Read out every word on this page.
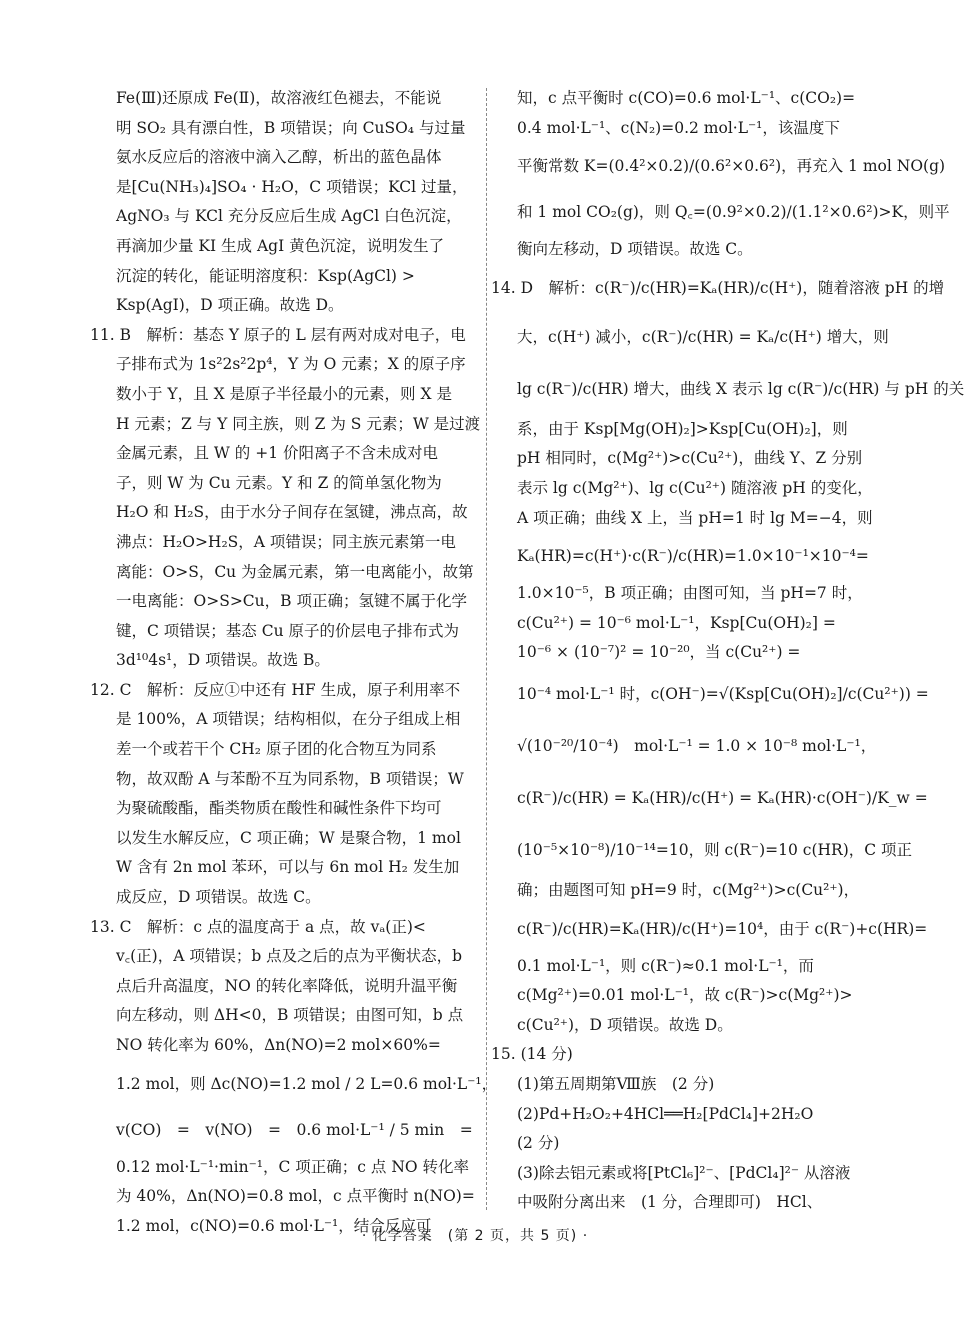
Fe(Ⅲ)还原成 Fe(Ⅱ)，故溶液红色褪去，不能说
明 SO₂ 具有漂白性，B 项错误；向 CuSO₄ 与过量
氨水反应后的溶液中滴入乙醇，析出的蓝色晶体
是[Cu(NH₃)₄]SO₄ · H₂O，C 项错误；KCl 过量，
AgNO₃ 与 KCl 充分反应后生成 AgCl 白色沉淀，
再滴加少量 KI 生成 AgI 黄色沉淀，说明发生了
沉淀的转化，能证明溶度积：Ksp(AgCl) >
Ksp(AgI)，D 项正确。故选 D。
11. B　解析：基态 Y 原子的 L 层有两对成对电子，电
子排布式为 1s²2s²2p⁴，Y 为 O 元素；X 的原子序
数小于 Y，且 X 是原子半径最小的元素，则 X 是
H 元素；Z 与 Y 同主族，则 Z 为 S 元素；W 是过渡
金属元素，且 W 的 +1 价阳离子不含未成对电
子，则 W 为 Cu 元素。Y 和 Z 的简单氢化物为
H₂O 和 H₂S，由于水分子间存在氢键，沸点高，故
沸点：H₂O>H₂S，A 项错误；同主族元素第一电
离能：O>S，Cu 为金属元素，第一电离能小，故第
一电离能：O>S>Cu，B 项正确；氢键不属于化学
键，C 项错误；基态 Cu 原子的价层电子排布式为
3d¹⁰4s¹，D 项错误。故选 B。
12. C　解析：反应①中还有 HF 生成，原子利用率不
是 100%，A 项错误；结构相似，在分子组成上相
差一个或若干个 CH₂ 原子团的化合物互为同系
物，故双酚 A 与苯酚不互为同系物，B 项错误；W
为聚硫酸酯，酯类物质在酸性和碱性条件下均可
以发生水解反应，C 项正确；W 是聚合物，1 mol
W 含有 2n mol 苯环，可以与 6n mol H₂ 发生加
成反应，D 项错误。故选 C。
13. C　解析：c 点的温度高于 a 点，故 vₐ(正)<
v꜀(正)，A 项错误；b 点及之后的点为平衡状态，b
点后升高温度，NO 的转化率降低，说明升温平衡
向左移动，则 ΔH<0，B 项错误；由图可知，b 点
NO 转化率为 60%，Δn(NO)=2 mol×60%=
1.2 mol，则 Δc(NO)=1.2 mol / 2 L=0.6 mol·L⁻¹，
v(CO)　=　v(NO)　=　0.6 mol·L⁻¹ / 5 min　=
0.12 mol·L⁻¹·min⁻¹，C 项正确；c 点 NO 转化率
为 40%，Δn(NO)=0.8 mol，c 点平衡时 n(NO)=
1.2 mol，c(NO)=0.6 mol·L⁻¹，结合反应可
知，c 点平衡时 c(CO)=0.6 mol·L⁻¹、c(CO₂)=
0.4 mol·L⁻¹、c(N₂)=0.2 mol·L⁻¹，该温度下
平衡常数 K=(0.4²×0.2)/(0.6²×0.6²)，再充入 1 mol NO(g)
和 1 mol CO₂(g)，则 Q꜀=(0.9²×0.2)/(1.1²×0.6²)>K，则平
衡向左移动，D 项错误。故选 C。
14. D　解析：c(R⁻)/c(HR)=Kₐ(HR)/c(H⁺)，随着溶液 pH 的增
大，c(H⁺) 减小，c(R⁻)/c(HR) = Kₐ/c(H⁺) 增大，则
lg c(R⁻)/c(HR) 增大，曲线 X 表示 lg c(R⁻)/c(HR) 与 pH 的关
系，由于 Ksp[Mg(OH)₂]>Ksp[Cu(OH)₂]，则
pH 相同时，c(Mg²⁺)>c(Cu²⁺)，曲线 Y、Z 分别
表示 lg c(Mg²⁺)、lg c(Cu²⁺) 随溶液 pH 的变化，
A 项正确；曲线 X 上，当 pH=1 时 lg M=−4，则
Kₐ(HR)=c(H⁺)·c(R⁻)/c(HR)=1.0×10⁻¹×10⁻⁴=
1.0×10⁻⁵，B 项正确；由图可知，当 pH=7 时，
c(Cu²⁺) = 10⁻⁶ mol·L⁻¹，Ksp[Cu(OH)₂] =
10⁻⁶ × (10⁻⁷)² = 10⁻²⁰，当 c(Cu²⁺) =
10⁻⁴ mol·L⁻¹ 时，c(OH⁻)=√(Ksp[Cu(OH)₂]/c(Cu²⁺)) =
√(10⁻²⁰/10⁻⁴)　mol·L⁻¹ = 1.0 × 10⁻⁸ mol·L⁻¹，
c(R⁻)/c(HR) = Kₐ(HR)/c(H⁺) = Kₐ(HR)·c(OH⁻)/K_w =
(10⁻⁵×10⁻⁸)/10⁻¹⁴=10，则 c(R⁻)=10 c(HR)，C 项正
确；由题图可知 pH=9 时，c(Mg²⁺)>c(Cu²⁺)，
c(R⁻)/c(HR)=Kₐ(HR)/c(H⁺)=10⁴，由于 c(R⁻)+c(HR)=
0.1 mol·L⁻¹，则 c(R⁻)≈0.1 mol·L⁻¹，而
c(Mg²⁺)=0.01 mol·L⁻¹，故 c(R⁻)>c(Mg²⁺)>
c(Cu²⁺)，D 项错误。故选 D。
15. (14 分)
(1)第五周期第Ⅷ族　(2 分)
(2)Pd+H₂O₂+4HCl══H₂[PdCl₄]+2H₂O
(2 分)
(3)除去铝元素或将[PtCl₆]²⁻、[PdCl₄]²⁻ 从溶液
中吸附分离出来　(1 分，合理即可)　HCl、
· 化学答案　(第 2 页，共 5 页) ·
